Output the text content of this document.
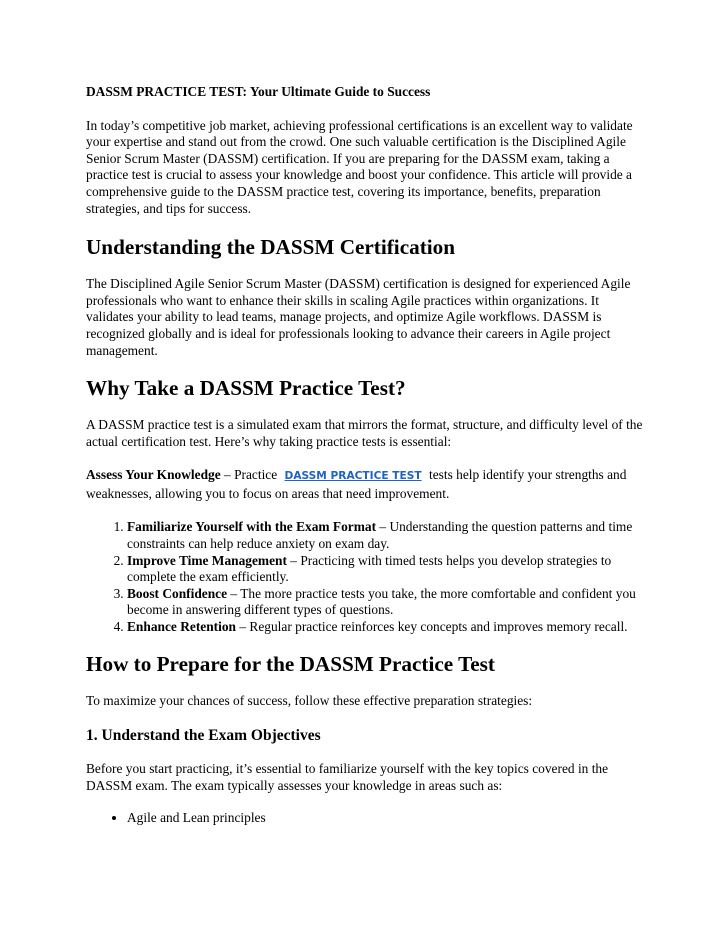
DASSM PRACTICE TEST: Your Ultimate Guide to Success

In today’s competitive job market, achieving professional certifications is an excellent way to validate your expertise and stand out from the crowd. One such valuable certification is the Disciplined Agile Senior Scrum Master (DASSM) certification. If you are preparing for the DASSM exam, taking a practice test is crucial to assess your knowledge and boost your confidence. This article will provide a comprehensive guide to the DASSM practice test, covering its importance, benefits, preparation strategies, and tips for success.

Understanding the DASSM Certification

The Disciplined Agile Senior Scrum Master (DASSM) certification is designed for experienced Agile professionals who want to enhance their skills in scaling Agile practices within organizations. It validates your ability to lead teams, manage projects, and optimize Agile workflows. DASSM is recognized globally and is ideal for professionals looking to advance their careers in Agile project management.

Why Take a DASSM Practice Test?

A DASSM practice test is a simulated exam that mirrors the format, structure, and difficulty level of the actual certification test. Here’s why taking practice tests is essential:

Assess Your Knowledge – Practice DASSM PRACTICE TEST tests help identify your strengths and weaknesses, allowing you to focus on areas that need improvement.

1. Familiarize Yourself with the Exam Format – Understanding the question patterns and time constraints can help reduce anxiety on exam day.
2. Improve Time Management – Practicing with timed tests helps you develop strategies to complete the exam efficiently.
3. Boost Confidence – The more practice tests you take, the more comfortable and confident you become in answering different types of questions.
4. Enhance Retention – Regular practice reinforces key concepts and improves memory recall.
How to Prepare for the DASSM Practice Test

To maximize your chances of success, follow these effective preparation strategies:

1. Understand the Exam Objectives

Before you start practicing, it’s essential to familiarize yourself with the key topics covered in the DASSM exam. The exam typically assesses your knowledge in areas such as:

• Agile and Lean principles
